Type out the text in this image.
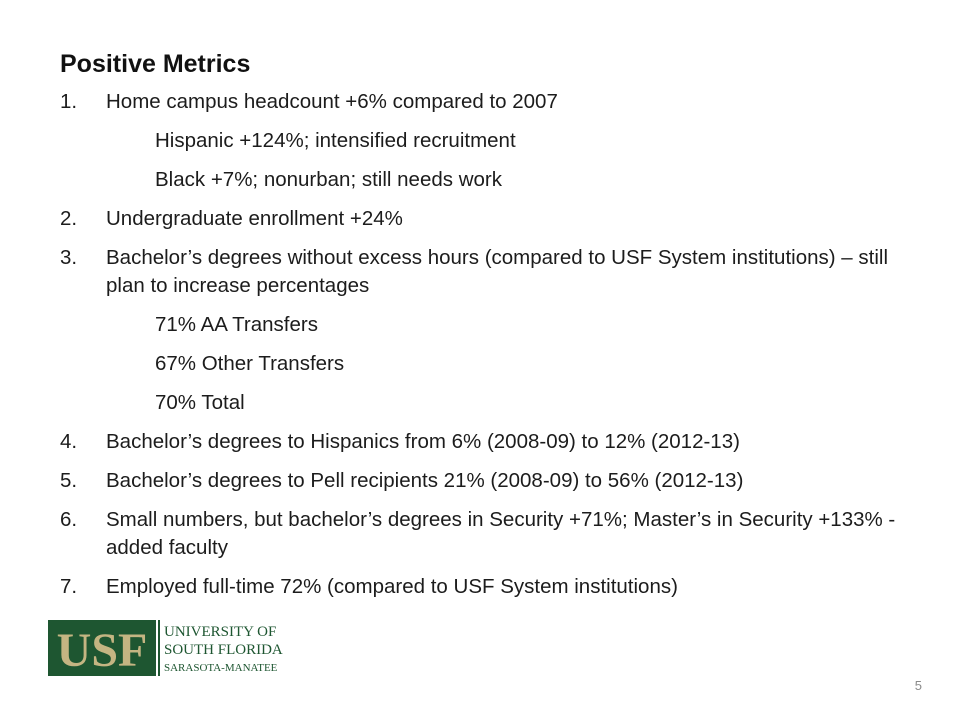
Positive Metrics
1.	Home campus headcount +6% compared to 2007
Hispanic +124%; intensified recruitment
Black +7%; nonurban; still needs work
2.	Undergraduate enrollment +24%
3.	Bachelor’s degrees without excess hours (compared to USF System institutions) – still plan to increase percentages
71% AA Transfers
67% Other Transfers
70% Total
4.	Bachelor’s degrees to Hispanics from 6% (2008-09) to 12% (2012-13)
5.	Bachelor’s degrees to Pell recipients 21% (2008-09) to 56% (2012-13)
6.	Small numbers, but bachelor’s degrees in Security +71%; Master’s in Security +133% - added faculty
7.	Employed full-time 72% (compared to USF System institutions)
USF UNIVERSITY OF
SOUTH FLORIDA
SARASOTA-MANATEE
5
